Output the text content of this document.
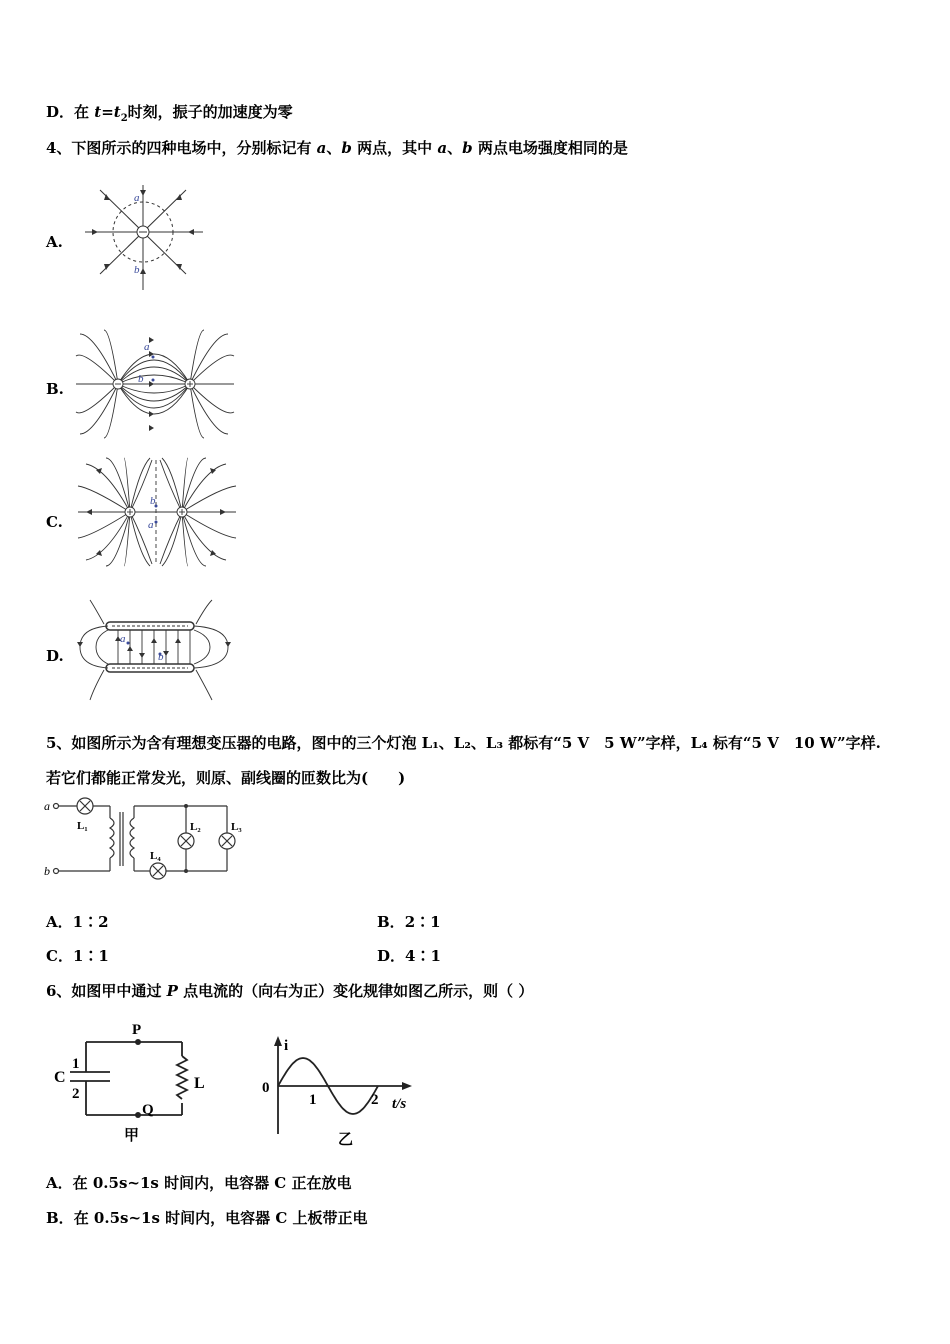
D．在 $t=t_2$时刻，振子的加速度为零
4、下图所示的四种电场中，分别标记有 a、b 两点，其中 a、b 两点电场强度相同的是
A.
B.
C.
D.
a
b
a
b
b
a
a
b
5、如图所示为含有理想变压器的电路，图中的三个灯泡 L₁、L₂、L₃ 都标有“5 V　5 W”字样，L₄ 标有“5 V　10 W”字样.
若它们都能正常发光，则原、副线圈的匝数比为(　　)
a
b
L₁	L₂	L₃
L₄
A．1∶2	B．2∶1
C．1∶1	D．4∶1
6、如图甲中通过 P 点电流的（向右为正）变化规律如图乙所示，则（ ）
P
Q
C
1
2
L
甲
i
0
1	2 t/s
乙
A．在 0.5s~1s 时间内，电容器 C 正在放电
B．在 0.5s~1s 时间内，电容器 C 上板带正电
